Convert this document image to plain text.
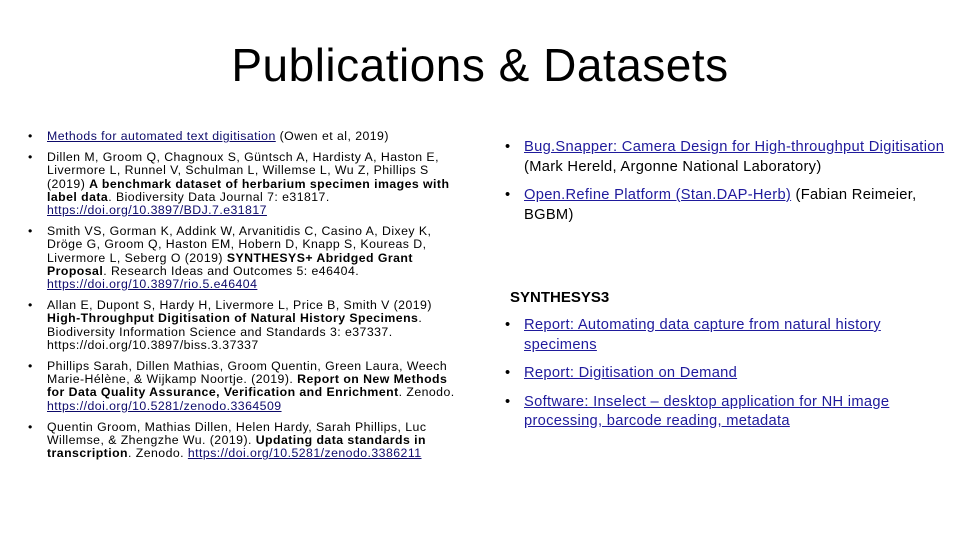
Publications & Datasets
• Methods for automated text digitisation (Owen et al, 2019)
• Dillen M, Groom Q, Chagnoux S, Güntsch A, Hardisty A, Haston E, Livermore L, Runnel V, Schulman L, Willemse L, Wu Z, Phillips S (2019) A benchmark dataset of herbarium specimen images with label data. Biodiversity Data Journal 7: e31817. https://doi.org/10.3897/BDJ.7.e31817
• Smith VS, Gorman K, Addink W, Arvanitidis C, Casino A, Dixey K, Dröge G, Groom Q, Haston EM, Hobern D, Knapp S, Koureas D, Livermore L, Seberg O (2019) SYNTHESYS+ Abridged Grant Proposal. Research Ideas and Outcomes 5: e46404. https://doi.org/10.3897/rio.5.e46404
• Allan E, Dupont S, Hardy H, Livermore L, Price B, Smith V (2019) High-Throughput Digitisation of Natural History Specimens. Biodiversity Information Science and Standards 3: e37337. https://doi.org/10.3897/biss.3.37337
• Phillips Sarah, Dillen Mathias, Groom Quentin, Green Laura, Weech Marie-Hélène, & Wijkamp Noortje. (2019). Report on New Methods for Data Quality Assurance, Verification and Enrichment. Zenodo. https://doi.org/10.5281/zenodo.3364509
• Quentin Groom, Mathias Dillen, Helen Hardy, Sarah Phillips, Luc Willemse, & Zhengzhe Wu. (2019). Updating data standards in transcription. Zenodo. https://doi.org/10.5281/zenodo.3386211
• Bug.Snapper: Camera Design for High-throughput Digitisation (Mark Hereld, Argonne National Laboratory)
• Open.Refine Platform (Stan.DAP-Herb) (Fabian Reimeier, BGBM)
SYNTHESYS3
• Report: Automating data capture from natural history specimens
• Report: Digitisation on Demand
• Software: Inselect – desktop application for NH image processing, barcode reading, metadata
